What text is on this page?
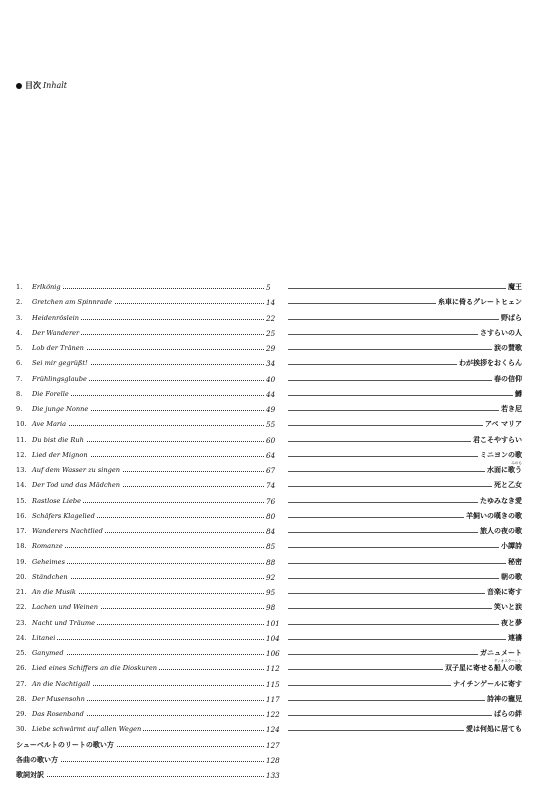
目次 Inhalt
1.	Erlkönig	5	魔王
2.	Gretchen am Spinnrade	14	糸車に倚るグレートヒェン
3.	Heidenröslein	22	野ばら
4.	Der Wanderer	25	さすらいの人
5.	Lob der Tränen	29	涙の賛歌
6.	Sei mir gegrüßt!	34	わが挨拶をおくらん
7.	Frühlingsglaube	40	春の信仰
8.	Die Forelle	44	鱒
9.	Die junge Nonne	49	若き尼
10. Ave Maria	55	アベ マリア
11. Du bist die Ruh	60	君こそやすらい
12. Lied der Mignon	64	ミニヨンの歌
13. Auf dem Wasser zu singen	67	水面に歌う
みのも
14. Der Tod und das Mädchen	74	死と乙女
15. Rastlose Liebe	76	たゆみなき愛
16. Schäfers Klagelied	80	羊飼いの嘆きの歌
17. Wanderers Nachtlied	84	旅人の夜の歌
18. Romanze	85	小譚詩
19. Geheimes	88	秘密
20. Ständchen	92	朝の歌
21. An die Musik	95	音楽に寄す
22. Lachen und Weinen	98	笑いと涙
23. Nacht und Träume	101	夜と夢
24. Litanei	104	連禱
25. Ganymed	106	ガニュメート
26. Lied eines Schiffers an die Dioskuren	112	双子星に寄せる船人の歌
ディオスクーレン
27. An die Nachtigall	115	ナイチンゲールに寄す
28. Der Musensohn	117	詩神の寵児
29. Das Rosenband	122	ばらの絆
30. Liebe schwärmt auf allen Wegen	124	愛は何処に居ても
シューベルトのリートの歌い方	127
各曲の歌い方	128
歌詞対訳	133
